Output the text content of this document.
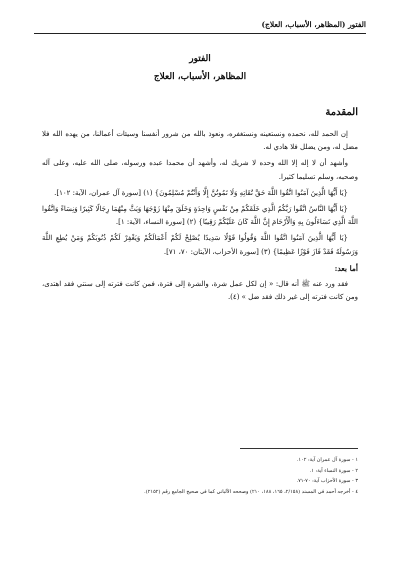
الفتور (المظاهر، الأسباب، العلاج)
الفتور
المظاهر، الأسباب، العلاج
المقدمة

إن الحمد لله، نحمده ونستعينه ونستغفره، ونعوذ بالله من شرور أنفسنا وسيئات أعمالنا، من يهده الله فلا مضل له، ومن يضلل فلا هادي له.

وأشهد أن لا إله إلا الله وحده لا شريك له، وأشهد أن محمدا عبده ورسوله، صلى الله عليه، وعلى آله وصحبه، وسلم تسليما كثيرا.

{يَا أَيُّهَا الَّذِينَ آمَنُوا اتَّقُوا اللَّهَ حَقَّ تُقَاتِهِ وَلَا تَمُوتُنَّ إِلَّا وَأَنْتُمْ مُسْلِمُونَ} (١) [سورة آل عمران، الآية: ١٠٢].

{يَا أَيُّهَا النَّاسُ اتَّقُوا رَبَّكُمُ الَّذِي خَلَقَكُمْ مِنْ نَفْسٍ وَاحِدَةٍ وَخَلَقَ مِنْهَا زَوْجَهَا وَبَثَّ مِنْهُمَا رِجَالًا كَثِيرًا وَنِسَاءً وَاتَّقُوا اللَّهَ الَّذِي تَسَاءَلُونَ بِهِ وَالْأَرْحَامَ إِنَّ اللَّهَ كَانَ عَلَيْكُمْ رَقِيبًا} (٢) [سورة النساء، الآية: ١].

{يَا أَيُّهَا الَّذِينَ آمَنُوا اتَّقُوا اللَّهَ وَقُولُوا قَوْلًا سَدِيدًا يُصْلِحْ لَكُمْ أَعْمَالَكُمْ وَيَغْفِرْ لَكُمْ ذُنُوبَكُمْ وَمَنْ يُطِعِ اللَّهَ وَرَسُولَهُ فَقَدْ فَازَ فَوْزًا عَظِيمًا} (٣) [سورة الأحزاب، الآيتان: ٧٠، ٧١].

أما بعد:

فقد ورد عنه ﷺ أنه قال: « إن لكل عمل شرة، والشرة إلى فترة، فمن كانت فترته إلى سنتي فقد اهتدى، ومن كانت فترته إلى غير ذلك فقد ضل » (٤).

١ - سورة آل عمران آية: ١٠٢.
٢ - سورة النساء آية: ١.
٣ - سورة الأحزاب آية: ٧٠-٧١.
٤ - أخرجه أحمد في المسند (٢/١٥٨، ١٦٥، ١٨٨، ٢١٠) وصححه الألباني كما في صحيح الجامع رقم (٢١٥٢).
